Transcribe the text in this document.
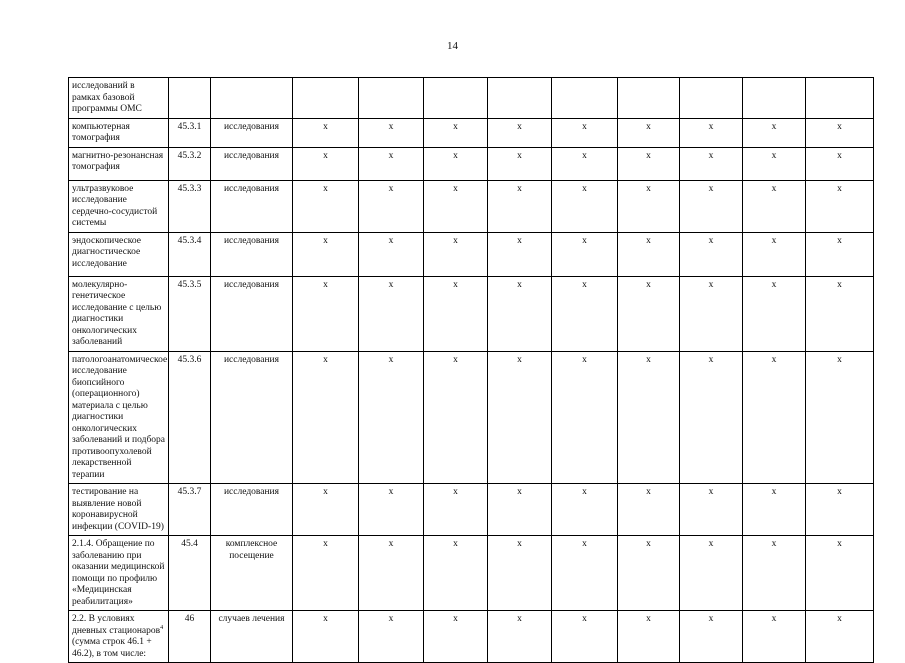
14
исследований в рамках базовой программы ОМС											
компьютерная томография	45.3.1	исследования	х	х	х	х	х	х	х	х	х
магнитно-резонансная томография	45.3.2	исследования	х	х	х	х	х	х	х	х	х
ультразвуковое исследование сердечно-сосудистой системы	45.3.3	исследования	х	х	х	х	х	х	х	х	х
эндоскопическое диагностическое исследование	45.3.4	исследования	х	х	х	х	х	х	х	х	х
молекулярно-генетическое исследование с целью диагностики онкологических заболеваний	45.3.5	исследования	х	х	х	х	х	х	х	х	х
патологоанатомическое исследование биопсийного (операционного) материала с целью диагностики онкологических заболеваний и подбора противоопухолевой лекарственной терапии	45.3.6	исследования	х	х	х	х	х	х	х	х	х
тестирование на выявление новой коронавирусной инфекции (COVID-19)	45.3.7	исследования	х	х	х	х	х	х	х	х	х
2.1.4. Обращение по заболеванию при оказании медицинской помощи по профилю «Медицинская реабилитация»	45.4	комплексное посещение	х	х	х	х	х	х	х	х	х
2.2. В условиях дневных стационаров$^4$ (сумма строк 46.1 + 46.2), в том числе:	46	случаев лечения	х	х	х	х	х	х	х	х	х
